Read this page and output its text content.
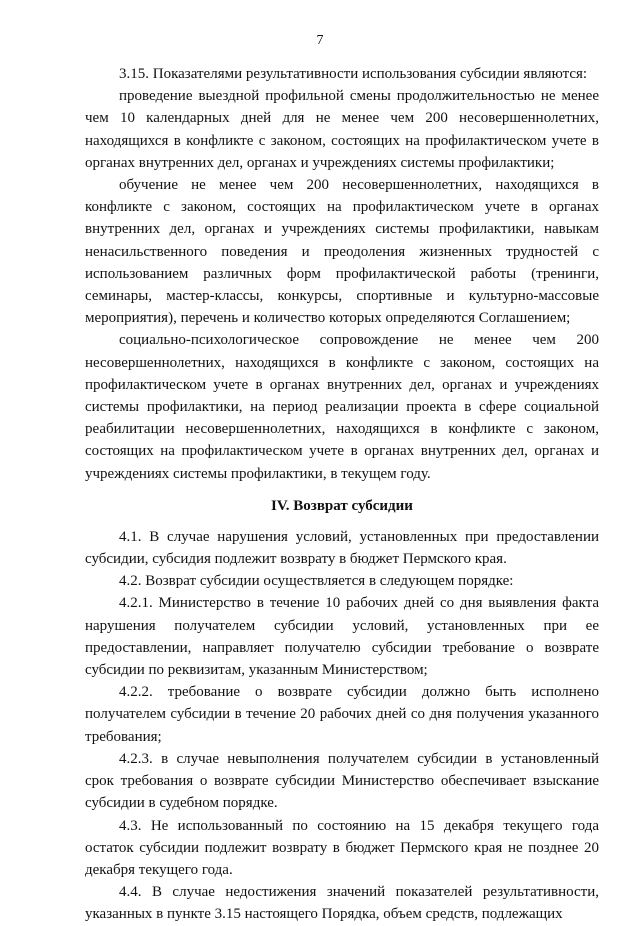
7

3.15. Показателями результативности использования субсидии являются:

проведение выездной профильной смены продолжительностью не менее чем 10 календарных дней для не менее чем 200 несовершеннолетних, находящихся в конфликте с законом, состоящих на профилактическом учете в органах внутренних дел, органах и учреждениях системы профилактики;

обучение не менее чем 200 несовершеннолетних, находящихся в конфликте с законом, состоящих на профилактическом учете в органах внутренних дел, органах и учреждениях системы профилактики, навыкам ненасильственного поведения и преодоления жизненных трудностей с использованием различных форм профилактической работы (тренинги, семинары, мастер-классы, конкурсы, спортивные и культурно-массовые мероприятия), перечень и количество которых определяются Соглашением;

социально-психологическое сопровождение не менее чем 200 несовершеннолетних, находящихся в конфликте с законом, состоящих на профилактическом учете в органах внутренних дел, органах и учреждениях системы профилактики, на период реализации проекта в сфере социальной реабилитации несовершеннолетних, находящихся в конфликте с законом, состоящих на профилактическом учете в органах внутренних дел, органах и учреждениях системы профилактики, в текущем году.

IV. Возврат субсидии

4.1. В случае нарушения условий, установленных при предоставлении субсидии, субсидия подлежит возврату в бюджет Пермского края.

4.2. Возврат субсидии осуществляется в следующем порядке:

4.2.1. Министерство в течение 10 рабочих дней со дня выявления факта нарушения получателем субсидии условий, установленных при ее предоставлении, направляет получателю субсидии требование о возврате субсидии по реквизитам, указанным Министерством;

4.2.2. требование о возврате субсидии должно быть исполнено получателем субсидии в течение 20 рабочих дней со дня получения указанного требования;

4.2.3. в случае невыполнения получателем субсидии в установленный срок требования о возврате субсидии Министерство обеспечивает взыскание субсидии в судебном порядке.

4.3. Не использованный по состоянию на 15 декабря текущего года остаток субсидии подлежит возврату в бюджет Пермского края не позднее 20 декабря текущего года.

4.4. В случае недостижения значений показателей результативности, указанных в пункте 3.15 настоящего Порядка, объем средств, подлежащих
